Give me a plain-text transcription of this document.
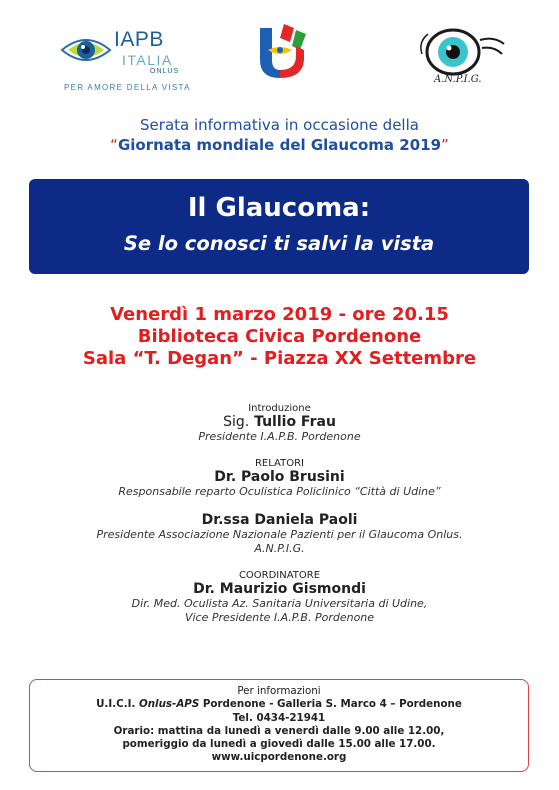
IAPB
ITALIA
ONLUS
PER AMORE DELLA VISTA
A.N.P.I.G.
Serata informativa in occasione della
“Giornata mondiale del Glaucoma 2019”
Il Glaucoma:
Se lo conosci ti salvi la vista
Venerdì 1 marzo 2019 - ore 20.15
Biblioteca Civica Pordenone
Sala “T. Degan” - Piazza XX Settembre
Introduzione
Sig. Tullio Frau
Presidente I.A.P.B. Pordenone
RELATORI
Dr. Paolo Brusini
Responsabile reparto Oculistica Policlinico “Città di Udine”
Dr.ssa Daniela Paoli
Presidente Associazione Nazionale Pazienti per il Glaucoma Onlus.
A.N.P.I.G.
COORDINATORE
Dr. Maurizio Gismondi
Dir. Med. Oculista Az. Sanitaria Universitaria di Udine,
Vice Presidente I.A.P.B. Pordenone
Per informazioni
U.I.C.I. Onlus-APS Pordenone - Galleria S. Marco 4 – Pordenone
Tel. 0434-21941
Orario: mattina da lunedì a venerdì dalle 9.00 alle 12.00,
pomeriggio da lunedì a giovedì dalle 15.00 alle 17.00.
www.uicpordenone.org
